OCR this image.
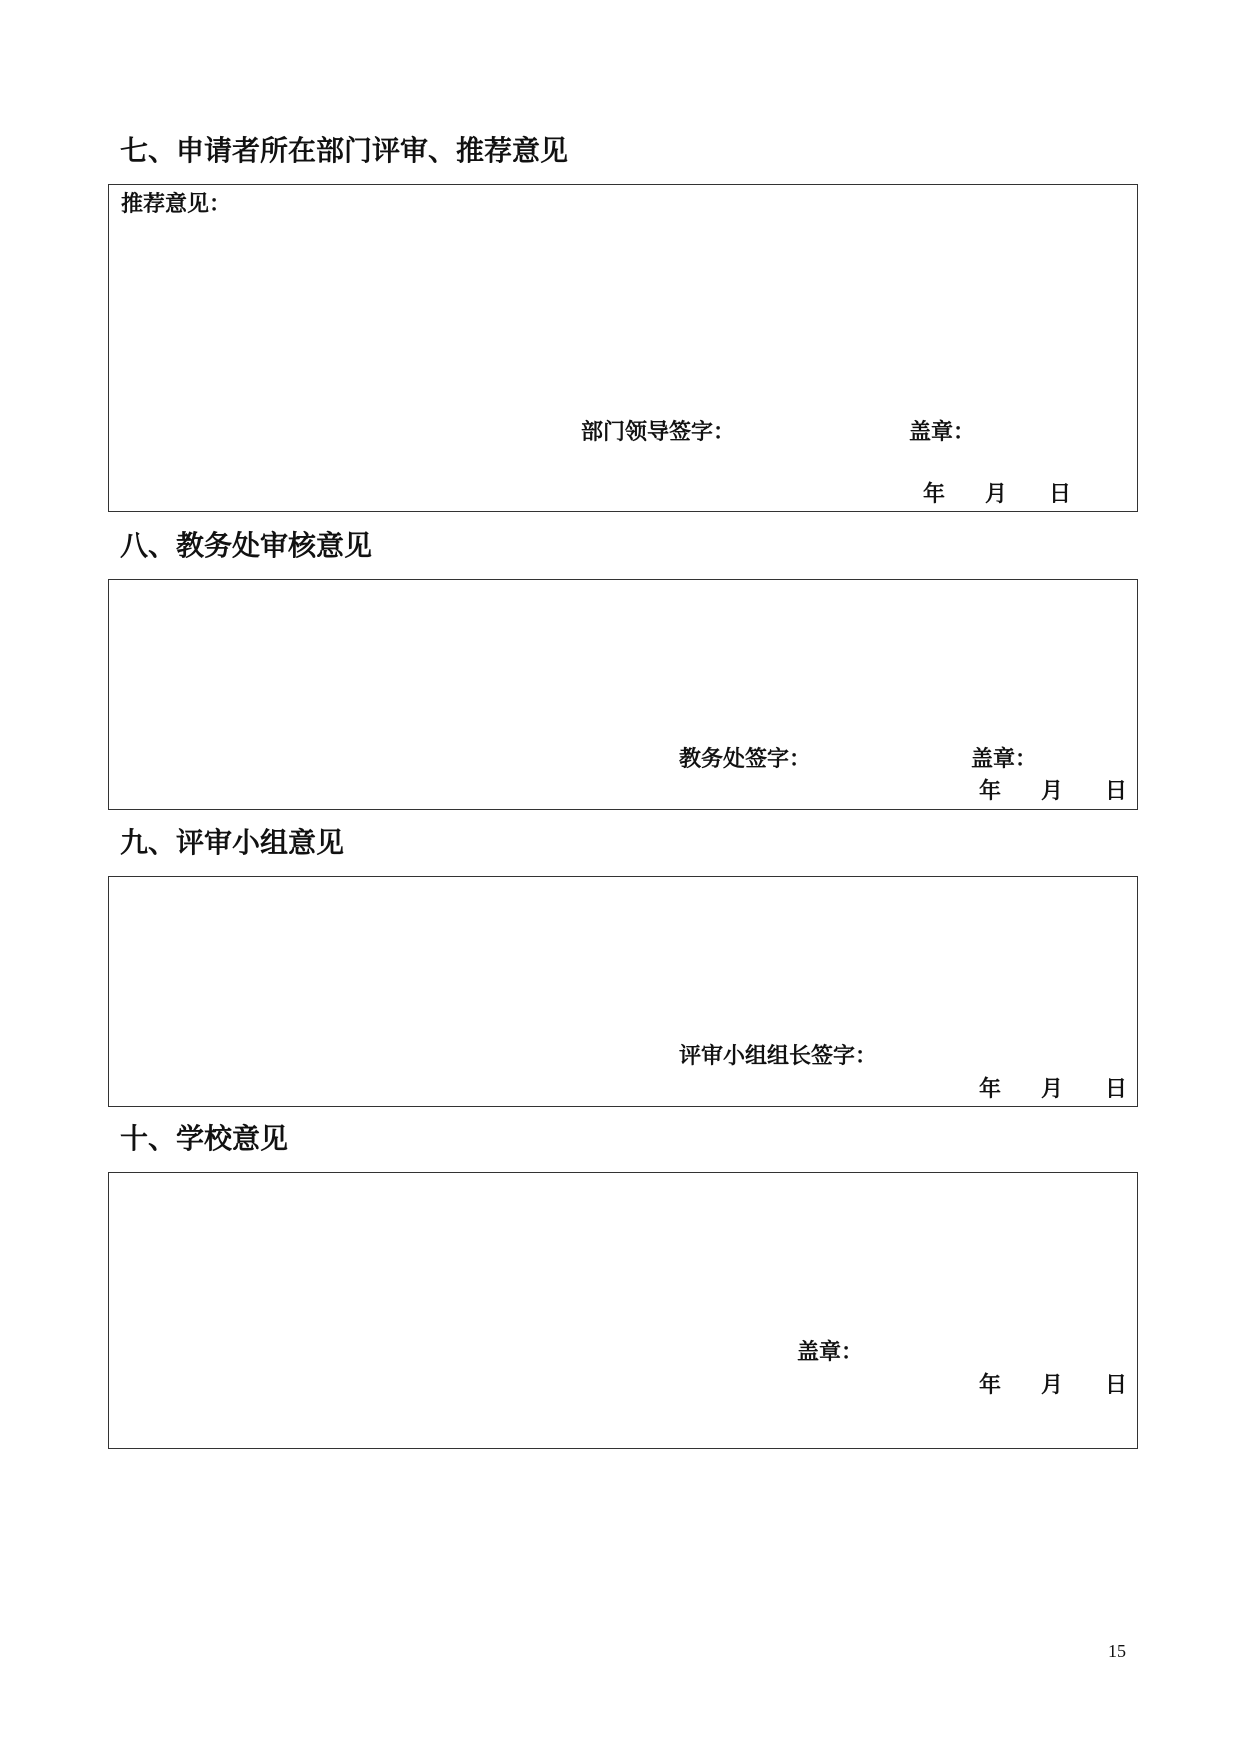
七、申请者所在部门评审、推荐意见
推荐意见：
部门领导签字：	盖章：
年 月 日
八、教务处审核意见
教务处签字：	盖章：
年 月 日
九、评审小组意见
评审小组组长签字：
年 月 日
十、学校意见
盖章：
年 月 日
15
